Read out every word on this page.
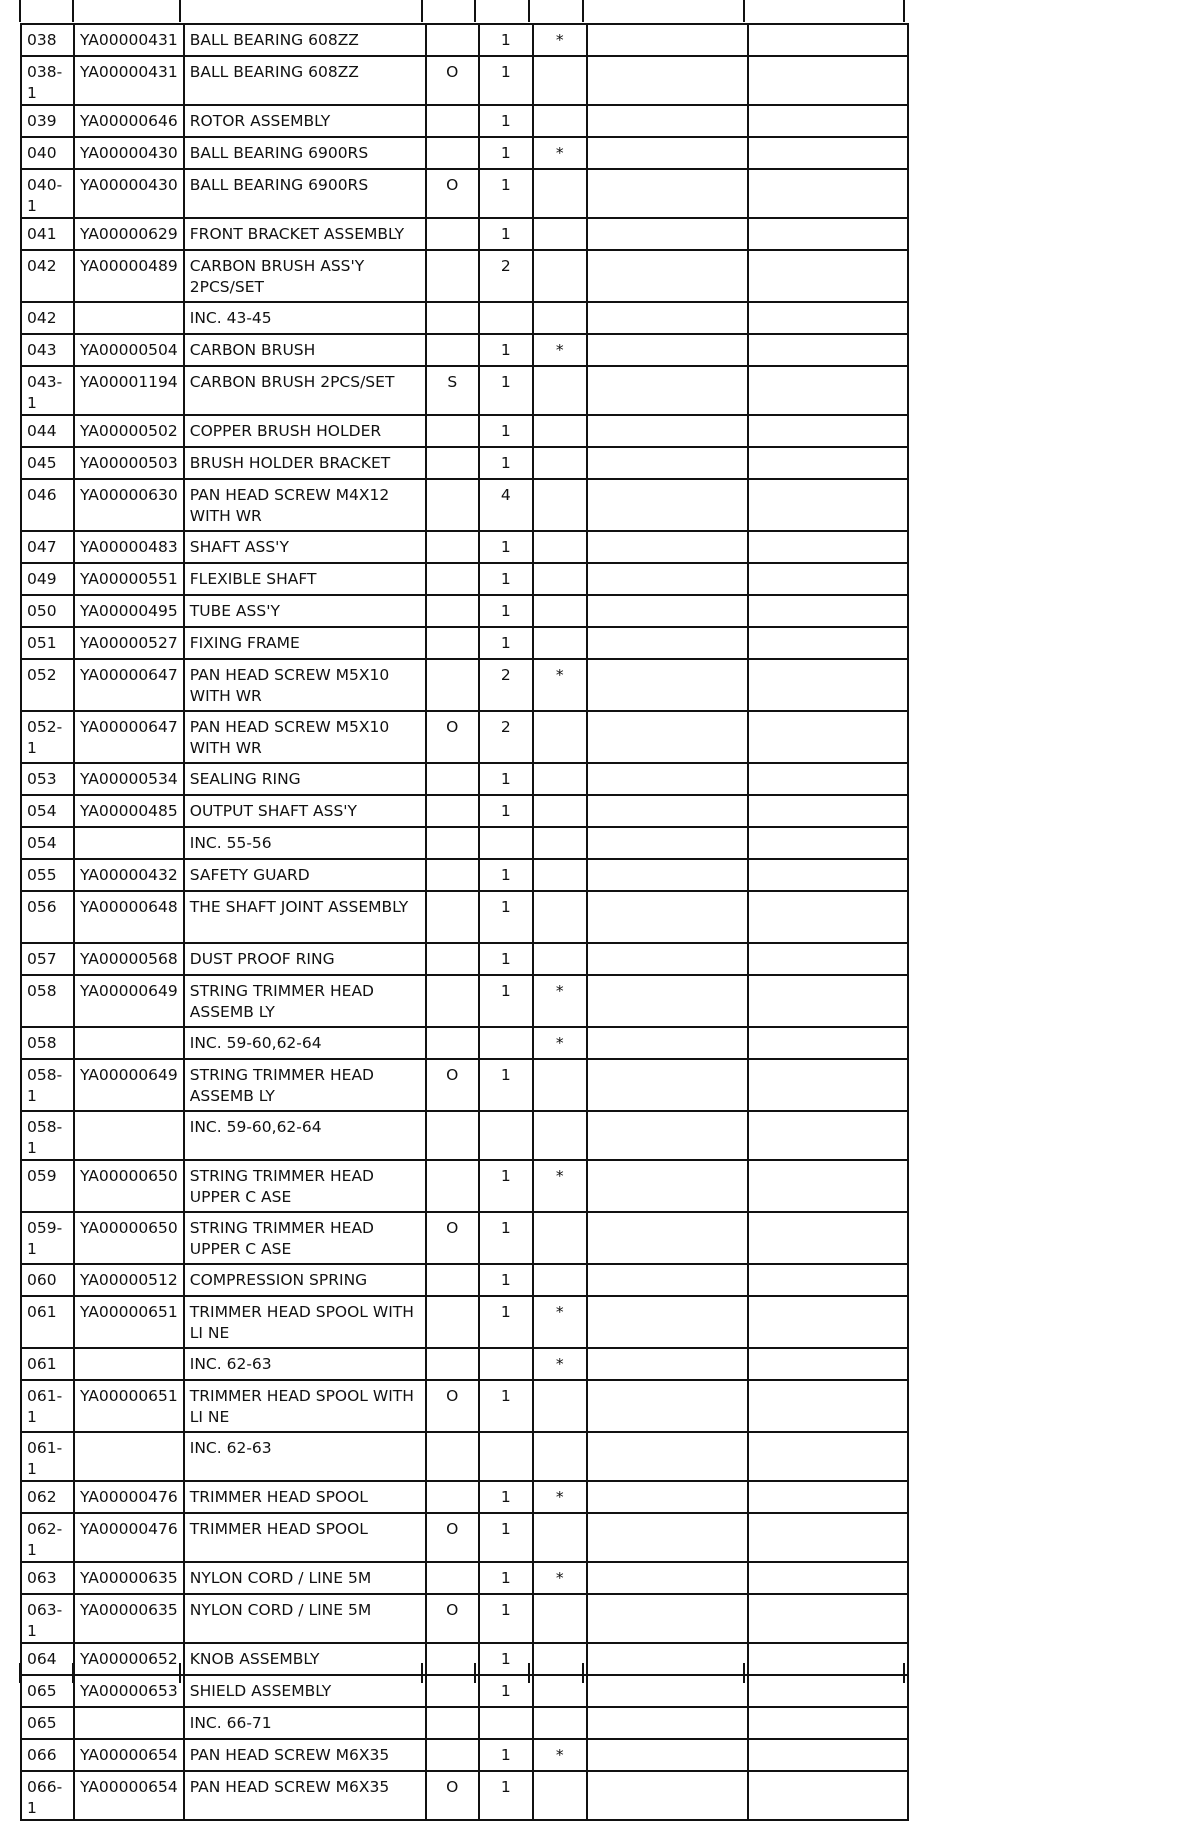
038	YA00000431	BALL BEARING 608ZZ		1	*		
038-1	YA00000431	BALL BEARING 608ZZ	O	1			
039	YA00000646	ROTOR ASSEMBLY		1			
040	YA00000430	BALL BEARING 6900RS		1	*		
040-1	YA00000430	BALL BEARING 6900RS	O	1			
041	YA00000629	FRONT BRACKET ASSEMBLY		1			
042	YA00000489	CARBON BRUSH ASS'Y 2PCS/SET		2			
042		INC. 43-45					
043	YA00000504	CARBON BRUSH		1	*		
043-1	YA00001194	CARBON BRUSH 2PCS/SET	S	1			
044	YA00000502	COPPER BRUSH HOLDER		1			
045	YA00000503	BRUSH HOLDER BRACKET		1			
046	YA00000630	PAN HEAD SCREW M4X12 WITH WR		4			
047	YA00000483	SHAFT ASS'Y		1			
049	YA00000551	FLEXIBLE SHAFT		1			
050	YA00000495	TUBE ASS'Y		1			
051	YA00000527	FIXING FRAME		1			
052	YA00000647	PAN HEAD SCREW M5X10 WITH WR		2	*		
052-1	YA00000647	PAN HEAD SCREW M5X10 WITH WR	O	2			
053	YA00000534	SEALING RING		1			
054	YA00000485	OUTPUT SHAFT ASS'Y		1			
054		INC. 55-56					
055	YA00000432	SAFETY GUARD		1			
056	YA00000648	THE SHAFT JOINT ASSEMBLY		1			
057	YA00000568	DUST PROOF RING		1			
058	YA00000649	STRING TRIMMER HEAD ASSEMB LY		1	*		
058		INC. 59-60,62-64			*		
058-1	YA00000649	STRING TRIMMER HEAD ASSEMB LY	O	1			
058-1		INC. 59-60,62-64					
059	YA00000650	STRING TRIMMER HEAD UPPER C ASE		1	*		
059-1	YA00000650	STRING TRIMMER HEAD UPPER C ASE	O	1			
060	YA00000512	COMPRESSION SPRING		1			
061	YA00000651	TRIMMER HEAD SPOOL WITH LI NE		1	*		
061		INC. 62-63			*		
061-1	YA00000651	TRIMMER HEAD SPOOL WITH LI NE	O	1			
061-1		INC. 62-63					
062	YA00000476	TRIMMER HEAD SPOOL		1	*		
062-1	YA00000476	TRIMMER HEAD SPOOL	O	1			
063	YA00000635	NYLON CORD / LINE 5M		1	*		
063-1	YA00000635	NYLON CORD / LINE 5M	O	1			
064	YA00000652	KNOB ASSEMBLY		1			
065	YA00000653	SHIELD ASSEMBLY		1			
065		INC. 66-71					
066	YA00000654	PAN HEAD SCREW M6X35		1	*		
066-1	YA00000654	PAN HEAD SCREW M6X35	O	1			
